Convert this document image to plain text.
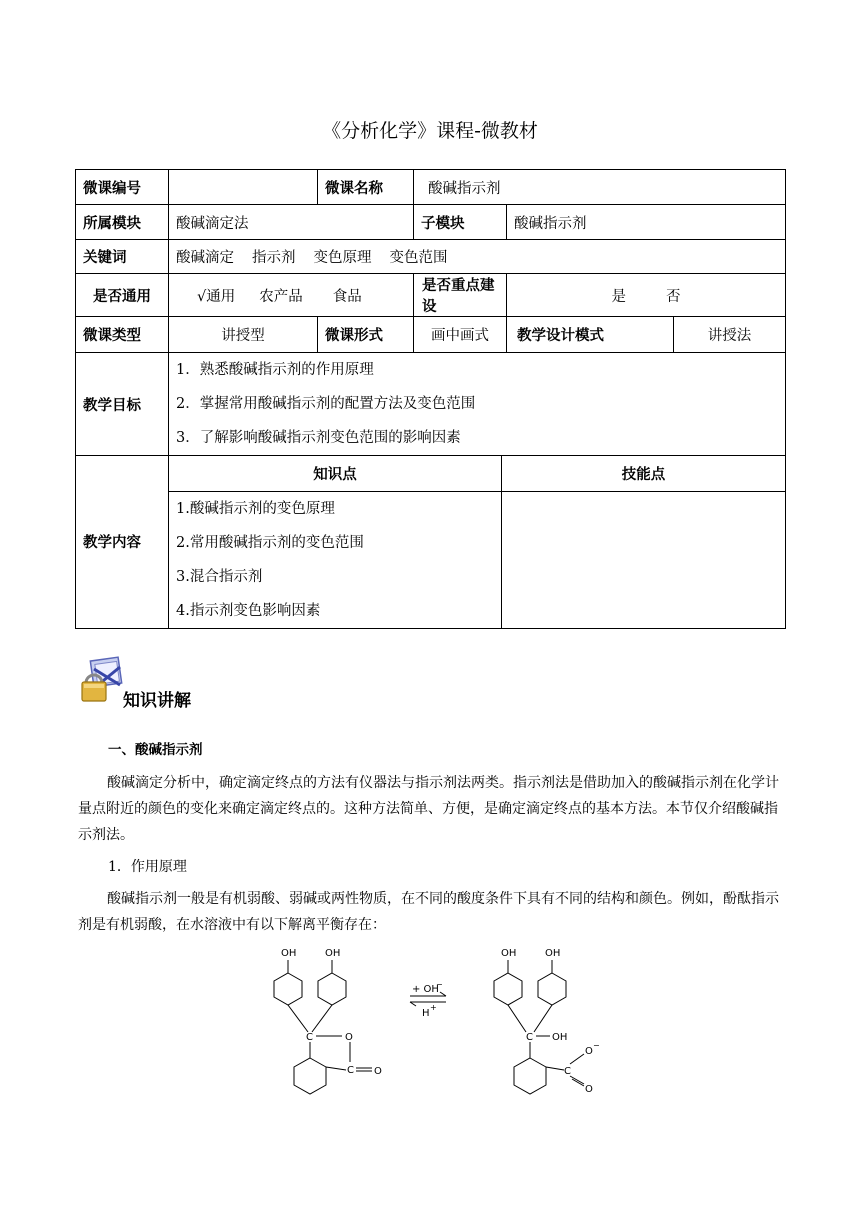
《分析化学》课程-微教材
微课编号		微课名称	酸碱指示剂
所属模块	酸碱滴定法	子模块	酸碱指示剂
关键词	酸碱滴定 指示剂 变色原理 变色范围
是否通用	√通用 农产品 食品	是否重点建设	是	否
微课类型	讲授型	微课形式	画中画式	教学设计模式	讲授法
教学目标	
1．熟悉酸碱指示剂的作用原理
2．掌握常用酸碱指示剂的配置方法及变色范围
3．了解影响酸碱指示剂变色范围的影响因素

教学内容	
知识点	技能点

1.酸碱指示剂的变色原理
2.常用酸碱指示剂的变色范围
3.混合指示剂
4.指示剂变色影响因素

知识讲解
一、酸碱指示剂
酸碱滴定分析中，确定滴定终点的方法有仪器法与指示剂法两类。指示剂法是借助加入的酸碱指示剂在化学计量点附近的颜色的变化来确定滴定终点的。这种方法简单、方便，是确定滴定终点的基本方法。本节仅介绍酸碱指示剂法。
1．作用原理
酸碱指示剂一般是有机弱酸、弱碱或两性物质，在不同的酸度条件下具有不同的结构和颜色。例如，酚酞指示剂是有机弱酸，在水溶液中有以下解离平衡存在：
OH	OH
C	O
C O
+ OH
−
H
+
OH	OH
C OH
C
O
−
O
